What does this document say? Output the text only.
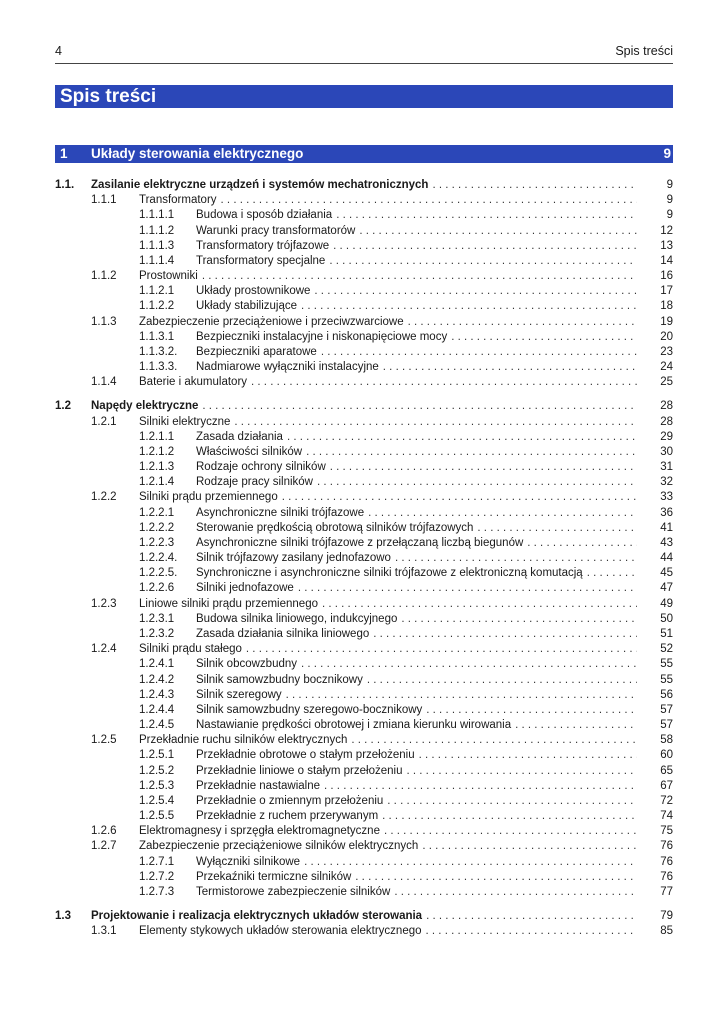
4	Spis treści
Spis treści
1 Układy sterowania elektrycznego	9
1.1. Zasilanie elektryczne urządzeń i systemów mechatronicznych . . .	9
1.1.1 Transformatory . . .	9
1.1.1.1 Budowa i sposób działania . . .	9
1.1.1.2 Warunki pracy transformatorów . . .	12
1.1.1.3 Transformatory trójfazowe . . .	13
1.1.1.4 Transformatory specjalne . . .	14
1.1.2 Prostowniki . . .	16
1.1.2.1 Układy prostownikowe . . .	17
1.1.2.2 Układy stabilizujące . . .	18
1.1.3 Zabezpieczenie przeciążeniowe i przeciwzwarciowe . . .	19
1.1.3.1 Bezpieczniki instalacyjne i niskonapięciowe mocy . . .	20
1.1.3.2. Bezpieczniki aparatowe . . .	23
1.1.3.3. Nadmiarowe wyłączniki instalacyjne . . .	24
1.1.4 Baterie i akumulatory . . .	25
1.2 Napędy elektryczne . . .	28
1.2.1 Silniki elektryczne . . .	28
1.2.1.1 Zasada działania . . .	29
1.2.1.2 Właściwości silników . . .	30
1.2.1.3 Rodzaje ochrony silników . . .	31
1.2.1.4 Rodzaje pracy silników . . .	32
1.2.2 Silniki prądu przemiennego . . .	33
1.2.2.1 Asynchroniczne silniki trójfazowe . . .	36
1.2.2.2 Sterowanie prędkością obrotową silników trójfazowych . . .	41
1.2.2.3 Asynchroniczne silniki trójfazowe z przełączaną liczbą biegunów . . .	43
1.2.2.4. Silnik trójfazowy zasilany jednofazowo . . .	44
1.2.2.5. Synchroniczne i asynchroniczne silniki trójfazowe z elektroniczną komutacją . . .	45
1.2.2.6 Silniki jednofazowe . . .	47
1.2.3 Liniowe silniki prądu przemiennego . . .	49
1.2.3.1 Budowa silnika liniowego, indukcyjnego . . .	50
1.2.3.2 Zasada działania silnika liniowego . . .	51
1.2.4 Silniki prądu stałego . . .	52
1.2.4.1 Silnik obcowzbudny . . .	55
1.2.4.2 Silnik samowzbudny bocznikowy . . .	55
1.2.4.3 Silnik szeregowy . . .	56
1.2.4.4 Silnik samowzbudny szeregowo-bocznikowy . . .	57
1.2.4.5 Nastawianie prędkości obrotowej i zmiana kierunku wirowania . . .	57
1.2.5 Przekładnie ruchu silników elektrycznych . . .	58
1.2.5.1 Przekładnie obrotowe o stałym przełożeniu . . .	60
1.2.5.2 Przekładnie liniowe o stałym przełożeniu . . .	65
1.2.5.3 Przekładnie nastawialne . . .	67
1.2.5.4 Przekładnie o zmiennym przełożeniu . . .	72
1.2.5.5 Przekładnie z ruchem przerywanym . . .	74
1.2.6 Elektromagnesy i sprzęgła elektromagnetyczne . . .	75
1.2.7 Zabezpieczenie przeciążeniowe silników elektrycznych . . .	76
1.2.7.1 Wyłączniki silnikowe . . .	76
1.2.7.2 Przekaźniki termiczne silników . . .	76
1.2.7.3 Termistorowe zabezpieczenie silników . . .	77
1.3 Projektowanie i realizacja elektrycznych układów sterowania . . .	79
1.3.1 Elementy stykowych układów sterowania elektrycznego . . .	85
